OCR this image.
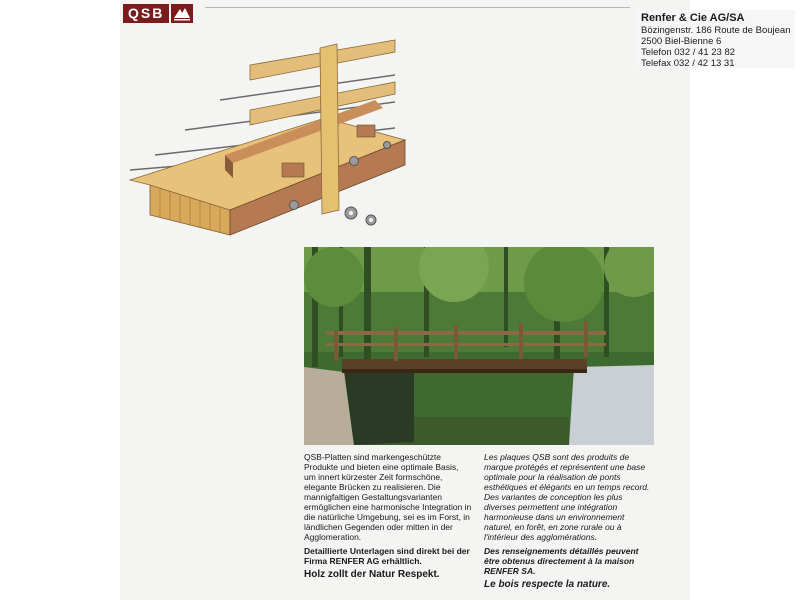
QSB	Renfer & Cie AG/SA
Bözingenstr. 186 Route de Boujean
2500 Biel-Bienne 6
Telefon 032 / 41 23 82
Telefax 032 / 42 13 31

QSB-Platten sind markengeschützte Produkte und bieten eine optimale Basis, um innert kürzester Zeit formschöne, elegante Brücken zu realisieren. Die mannigfaltigen Gestaltungsvarianten ermöglichen eine harmonische Integration in die natürliche Umgebung, sei es im Forst, in ländlichen Gegenden oder mitten in der Agglomeration.

Detaillierte Unterlagen sind direkt bei der Firma RENFER AG erhältlich.

Holz zollt der Natur Respekt.

Les plaques QSB sont des produits de marque protégés et représentent une base optimale pour la réalisation de ponts esthétiques et élégants en un temps record. Des variantes de conception les plus diverses permettent une intégration harmonieuse dans un environnement naturel, en forêt, en zone rurale ou à l'intérieur des agglomérations.

Des renseignements détaillés peuvent être obtenus directement à la maison RENFER SA.

Le bois respecte la nature.
